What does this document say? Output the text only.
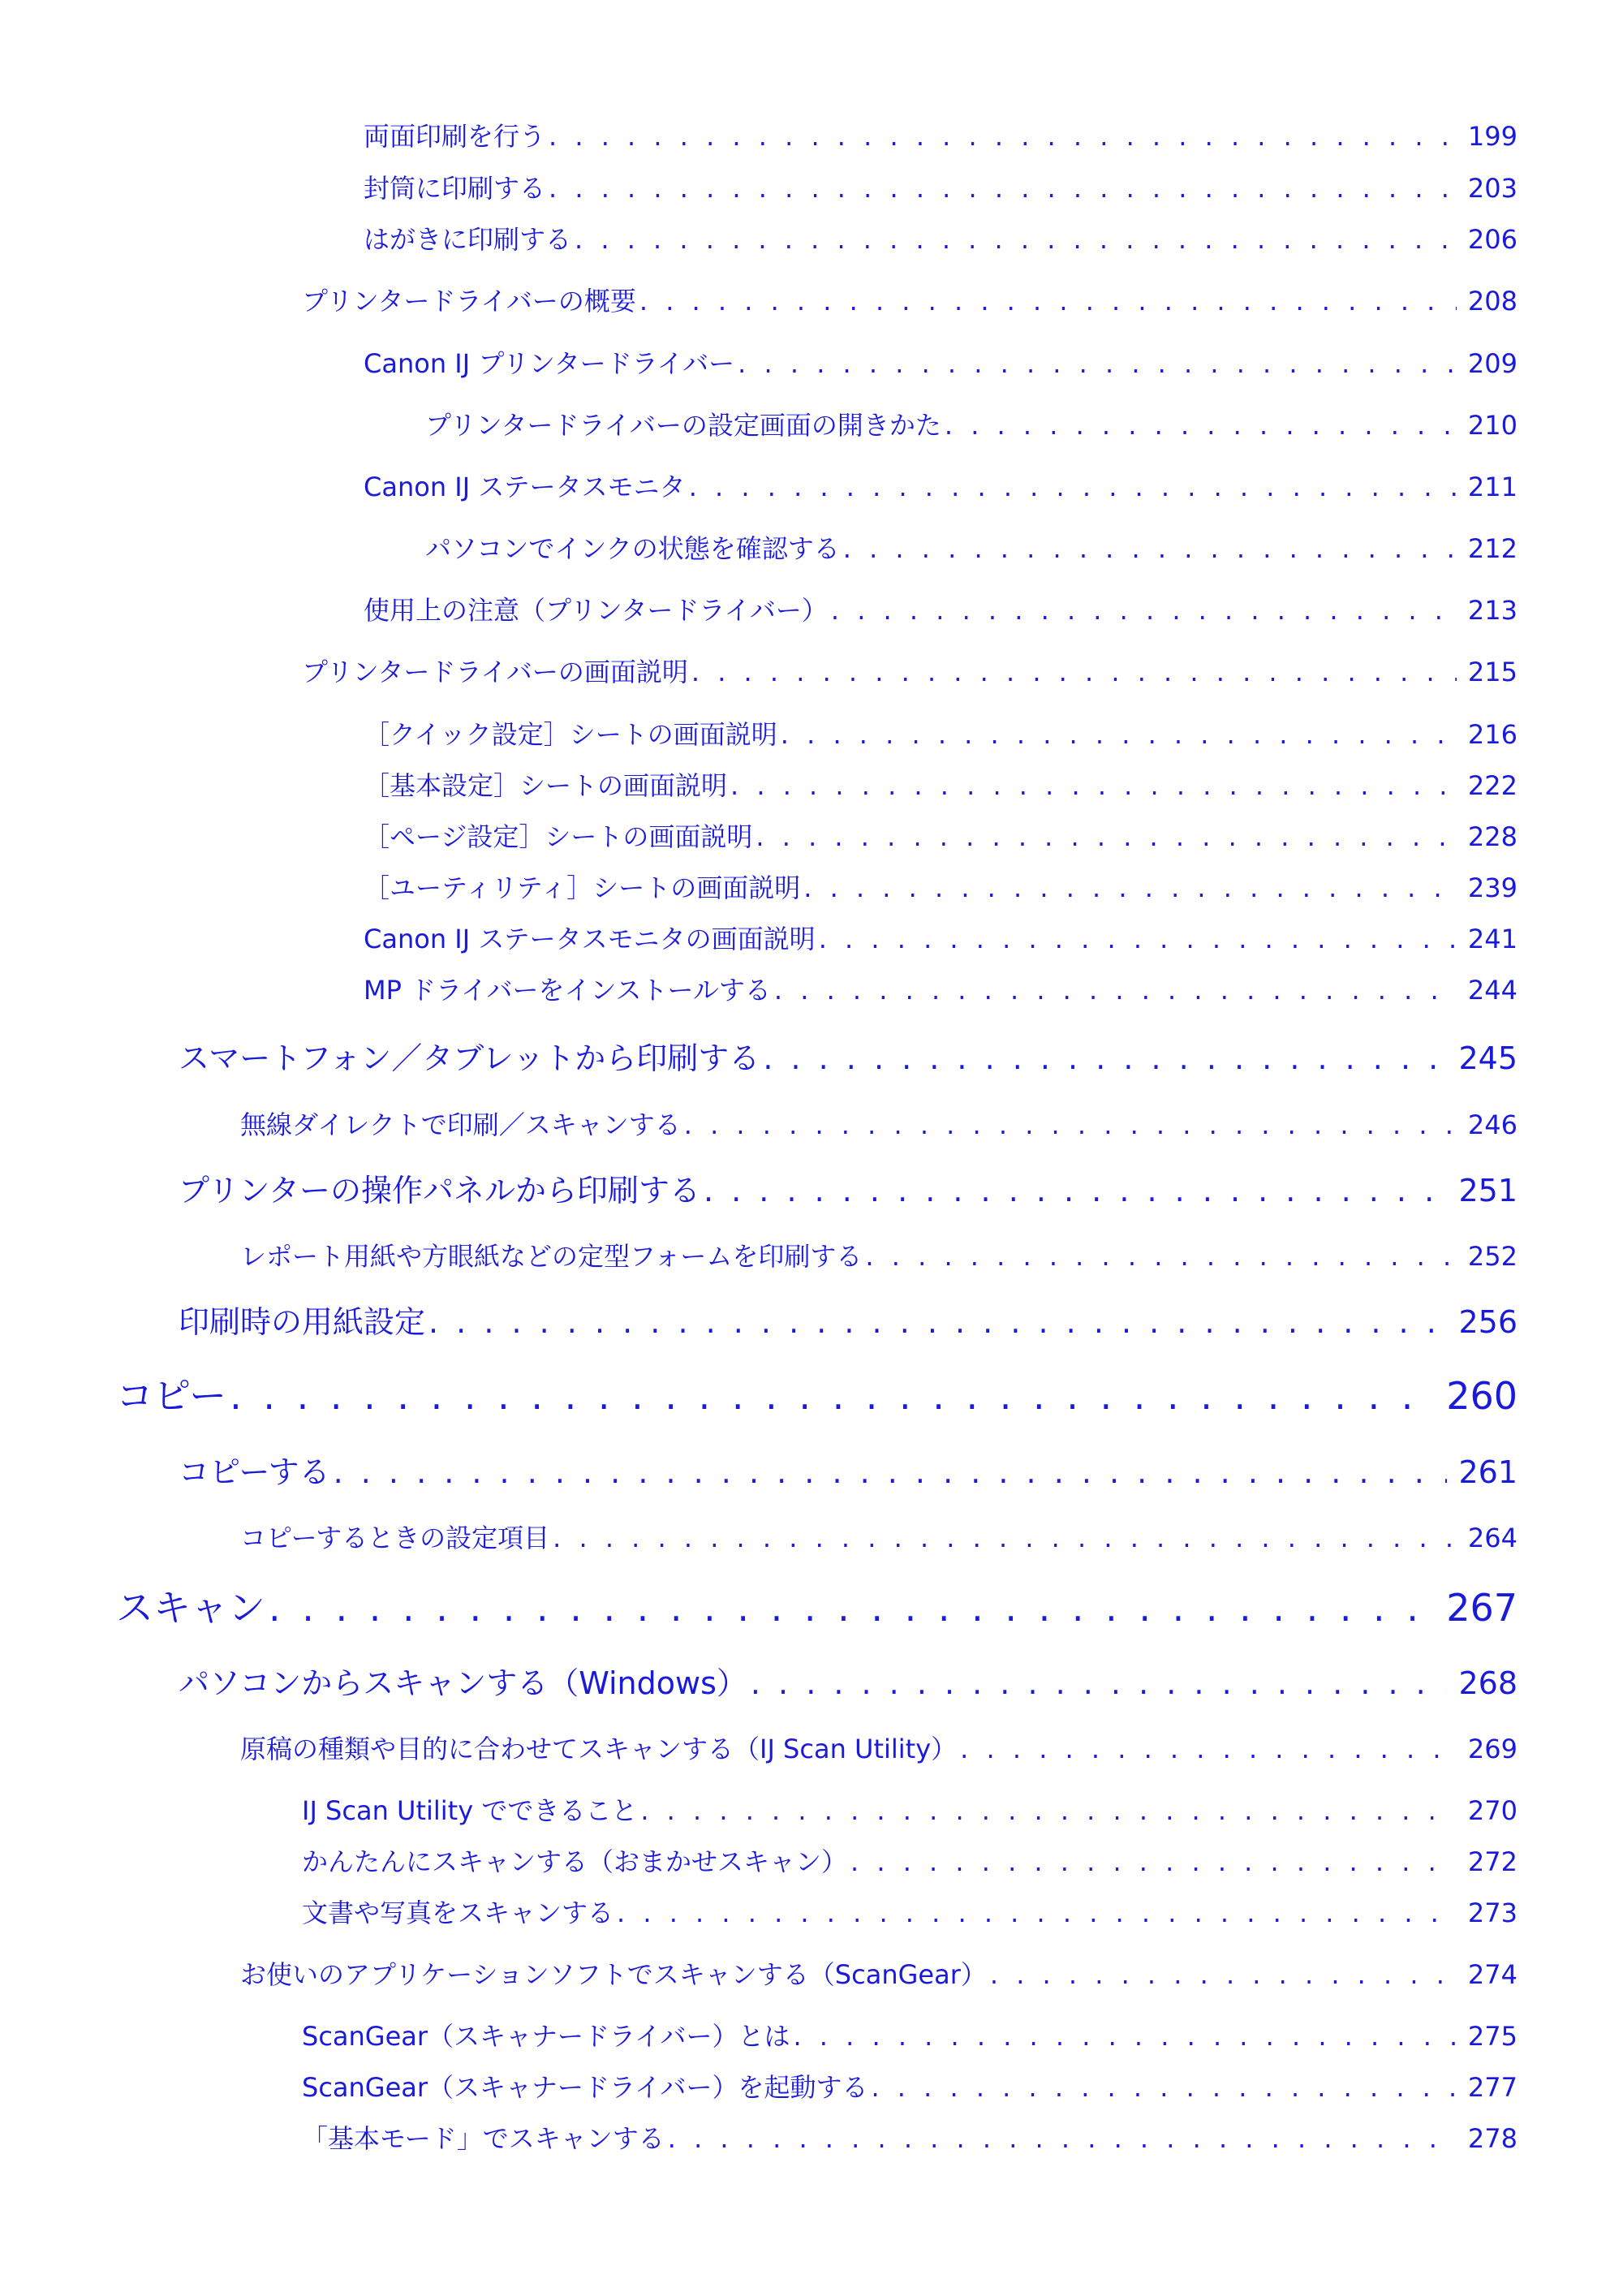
両面印刷を行う . . .	199
封筒に印刷する . . .	203
はがきに印刷する . . .	206
プリンタードライバーの概要 . . .	208
Canon IJ プリンタードライバー . . .	209
プリンタードライバーの設定画面の開きかた . . .	210
Canon IJ ステータスモニタ . . .	211
パソコンでインクの状態を確認する . . .	212
使用上の注意（プリンタードライバー） . . .	213
プリンタードライバーの画面説明 . . .	215
［クイック設定］シートの画面説明 . . .	216
［基本設定］シートの画面説明 . . .	222
［ページ設定］シートの画面説明 . . .	228
［ユーティリティ］シートの画面説明 . . .	239
Canon IJ ステータスモニタの画面説明 . . .	241
MP ドライバーをインストールする . . .	244
スマートフォン／タブレットから印刷する . . .	245
無線ダイレクトで印刷／スキャンする . . .	246
プリンターの操作パネルから印刷する . . .	251
レポート用紙や方眼紙などの定型フォームを印刷する . . .	252
印刷時の用紙設定 . . .	256
コピー . . .	260
コピーする . . .	261
コピーするときの設定項目 . . .	264
スキャン . . .	267
パソコンからスキャンする（Windows） . . .	268
原稿の種類や目的に合わせてスキャンする（IJ Scan Utility） . . .	269
IJ Scan Utility でできること . . .	270
かんたんにスキャンする（おまかせスキャン） . . .	272
文書や写真をスキャンする . . .	273
お使いのアプリケーションソフトでスキャンする（ScanGear） . . .	274
ScanGear（スキャナードライバー）とは . . .	275
ScanGear（スキャナードライバー）を起動する . . .	277
「基本モード」でスキャンする . . .	278
